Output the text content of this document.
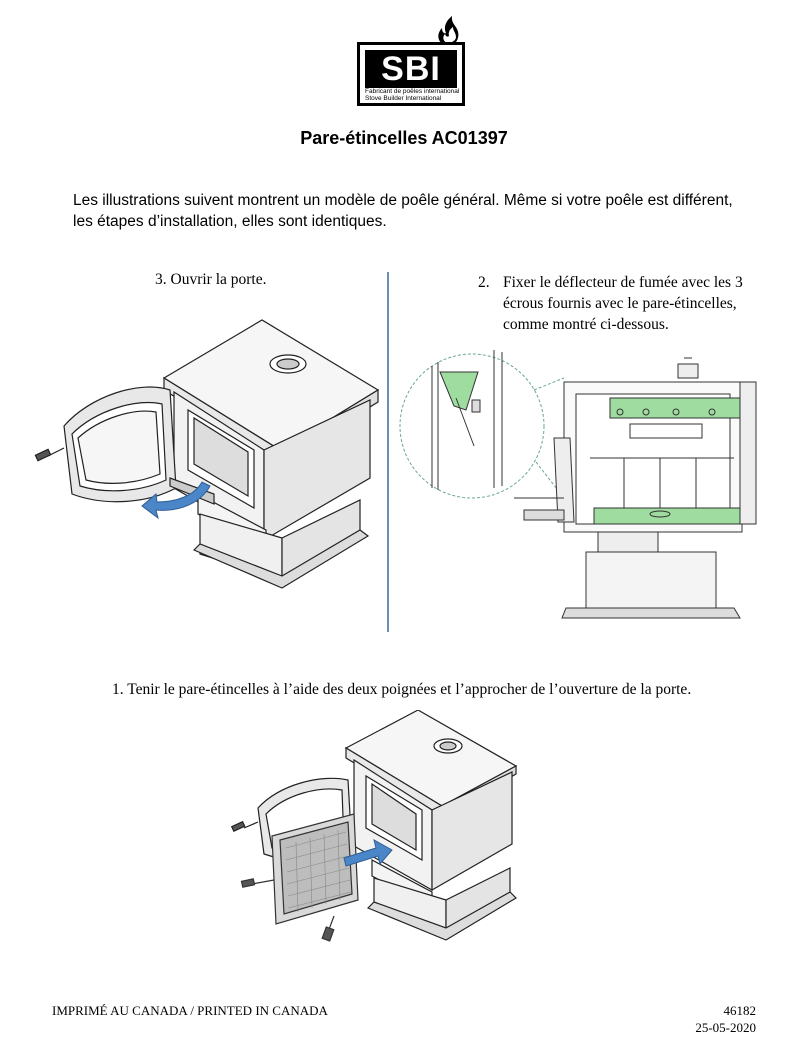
SBI
Fabricant de poêles international
Stove Builder International
Pare-étincelles AC01397
Les illustrations suivent montrent un modèle de poêle général. Même si votre poêle est différent, les étapes d’installation, elles sont identiques.
3. Ouvrir la porte.	2. Fixer le déflecteur de fumée avec les 3 écrous fournis avec le pare-étincelles, comme montré ci-dessous.
1. Tenir le pare-étincelles à l’aide des deux poignées et l’approcher de l’ouverture de la porte.
IMPRIMÉ AU CANADA / PRINTED IN CANADA	46182
25-05-2020
